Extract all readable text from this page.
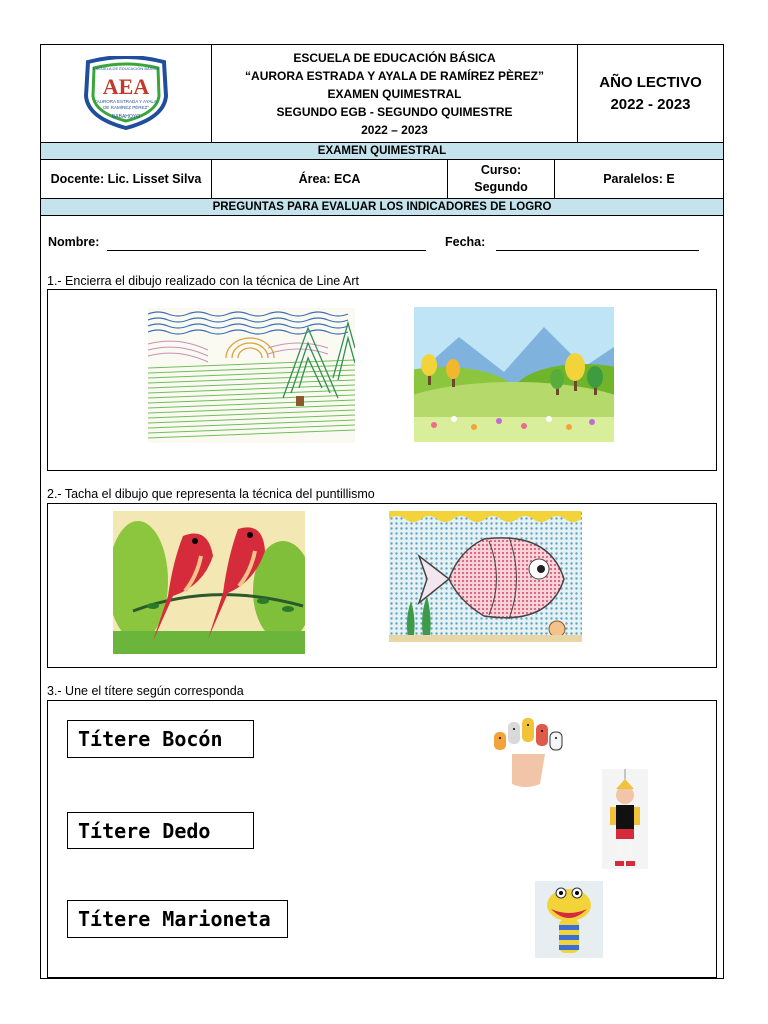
AEA
ESCUELA DE EDUCACIÓN BÁSICA
"AURORA ESTRADA Y AYALA
DE RAMÍREZ PÈREZ"
BABAHOYO
ESCUELA DE EDUCACIÓN BÁSICA
“AURORA ESTRADA Y AYALA DE RAMÍREZ PÈREZ”
EXAMEN QUIMESTRAL
SEGUNDO EGB - SEGUNDO QUIMESTRE
2022 – 2023
AÑO LECTIVO
2022 - 2023
EXAMEN QUIMESTRAL
Docente: Lic. Lisset Silva	Área: ECA
Curso:
Segundo
Paralelos: E
PREGUNTAS PARA EVALUAR LOS INDICADORES DE LOGRO
Nombre:	Fecha:
1.- Encierra el dibujo realizado con la técnica de Line Art
2.- Tacha el dibujo que representa la técnica del puntillismo
3.- Une el títere según corresponda
Títere Bocón
Títere Dedo
Títere Marioneta
